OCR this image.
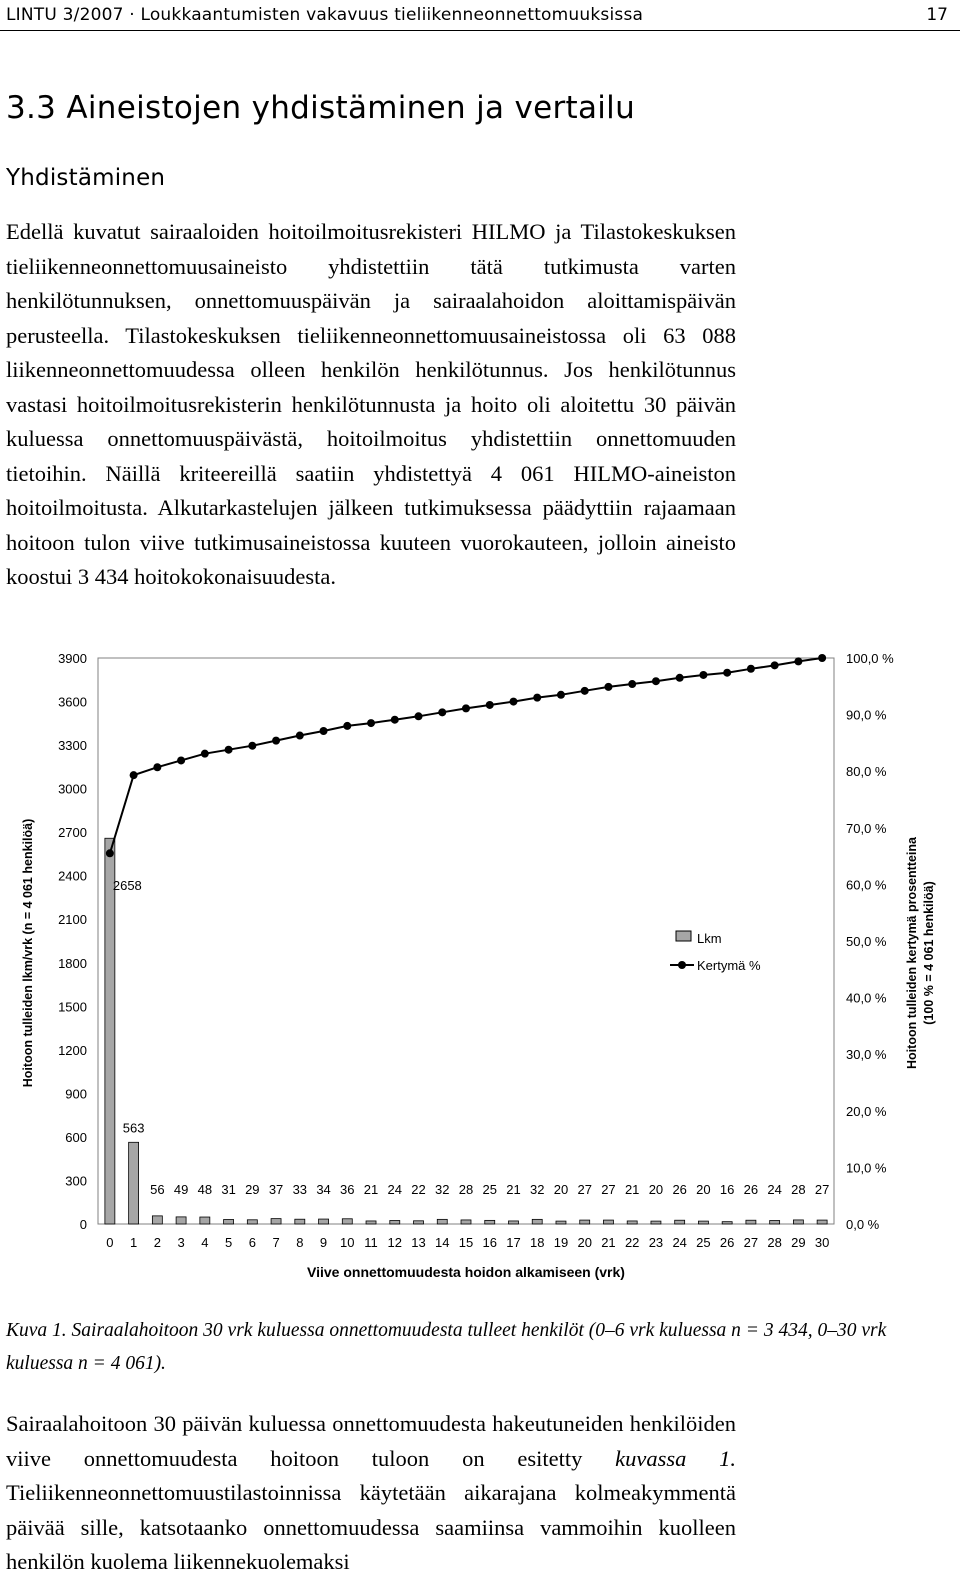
LINTU 3/2007 · Loukkaantumisten vakavuus tieliikenneonnettomuuksissa	17
3.3 Aineistojen yhdistäminen ja vertailu
Yhdistäminen

Edellä kuvatut sairaaloiden hoitoilmoitusrekisteri HILMO ja Tilastokeskuksen tieliikenneonnettomuusaineisto yhdistettiin tätä tutkimusta varten henkilötunnuksen, onnettomuuspäivän ja sairaalahoidon aloittamispäivän perusteella. Tilastokeskuksen tieliikenneonnettomuusaineistossa oli 63 088 liikenneonnettomuudessa olleen henkilön henkilötunnus. Jos henkilötunnus vastasi hoitoilmoitusrekisterin henkilötunnusta ja hoito oli aloitettu 30 päivän kuluessa onnettomuuspäivästä, hoitoilmoitus yhdistettiin onnettomuuden tietoihin. Näillä kriteereillä saatiin yhdistettyä 4 061 HILMO-aineiston hoitoilmoitusta. Alkutarkastelujen jälkeen tutkimuksessa päädyttiin rajaamaan hoitoon tulon viive tutkimusaineistossa kuuteen vuorokauteen, jolloin aineisto koostui 3 434 hoitokokonaisuudesta.

0
300
600
900
1200
1500
1800
2100
2400
2700
3000
3300
3600
3900
0,0 %
10,0 %
20,0 %
30,0 %
40,0 %
50,0 %
60,0 %
70,0 %
80,0 %
90,0 %
100,0 %
0 1 2 3 4 5 6 7 8 9 10 11 12 13 14 15 16 17 18 19 20 21 22 23 24 25 26 27 28 29 30
2658
563
56 49 48 31 29 37 33 34 36 21 24 22 32 28 25 21 32 20 27 27 21 20 26 20 16 26 24 28 27
Lkm
Kertymä %
Hoitoon tulleiden lkm/vrk (n = 4 061 henkilöä)	Hoitoon tulleiden kertymä prosentteina (100 % = 4 061 henkilöä)
Viive onnettomuudesta hoidon alkamiseen (vrk)

Kuva 1. Sairaalahoitoon 30 vrk kuluessa onnettomuudesta tulleet henkilöt (0–6 vrk kuluessa n = 3 434, 0–30 vrk kuluessa n = 4 061).

Sairaalahoitoon 30 päivän kuluessa onnettomuudesta hakeutuneiden henkilöiden viive onnettomuudesta hoitoon tuloon on esitetty kuvassa 1. Tieliikenneonnettomuustilastoinnissa käytetään aikarajana kolmeakymmentä päivää sille, katsotaanko onnettomuudessa saamiinsa vammoihin kuolleen henkilön kuolema liikennekuolemaksi
